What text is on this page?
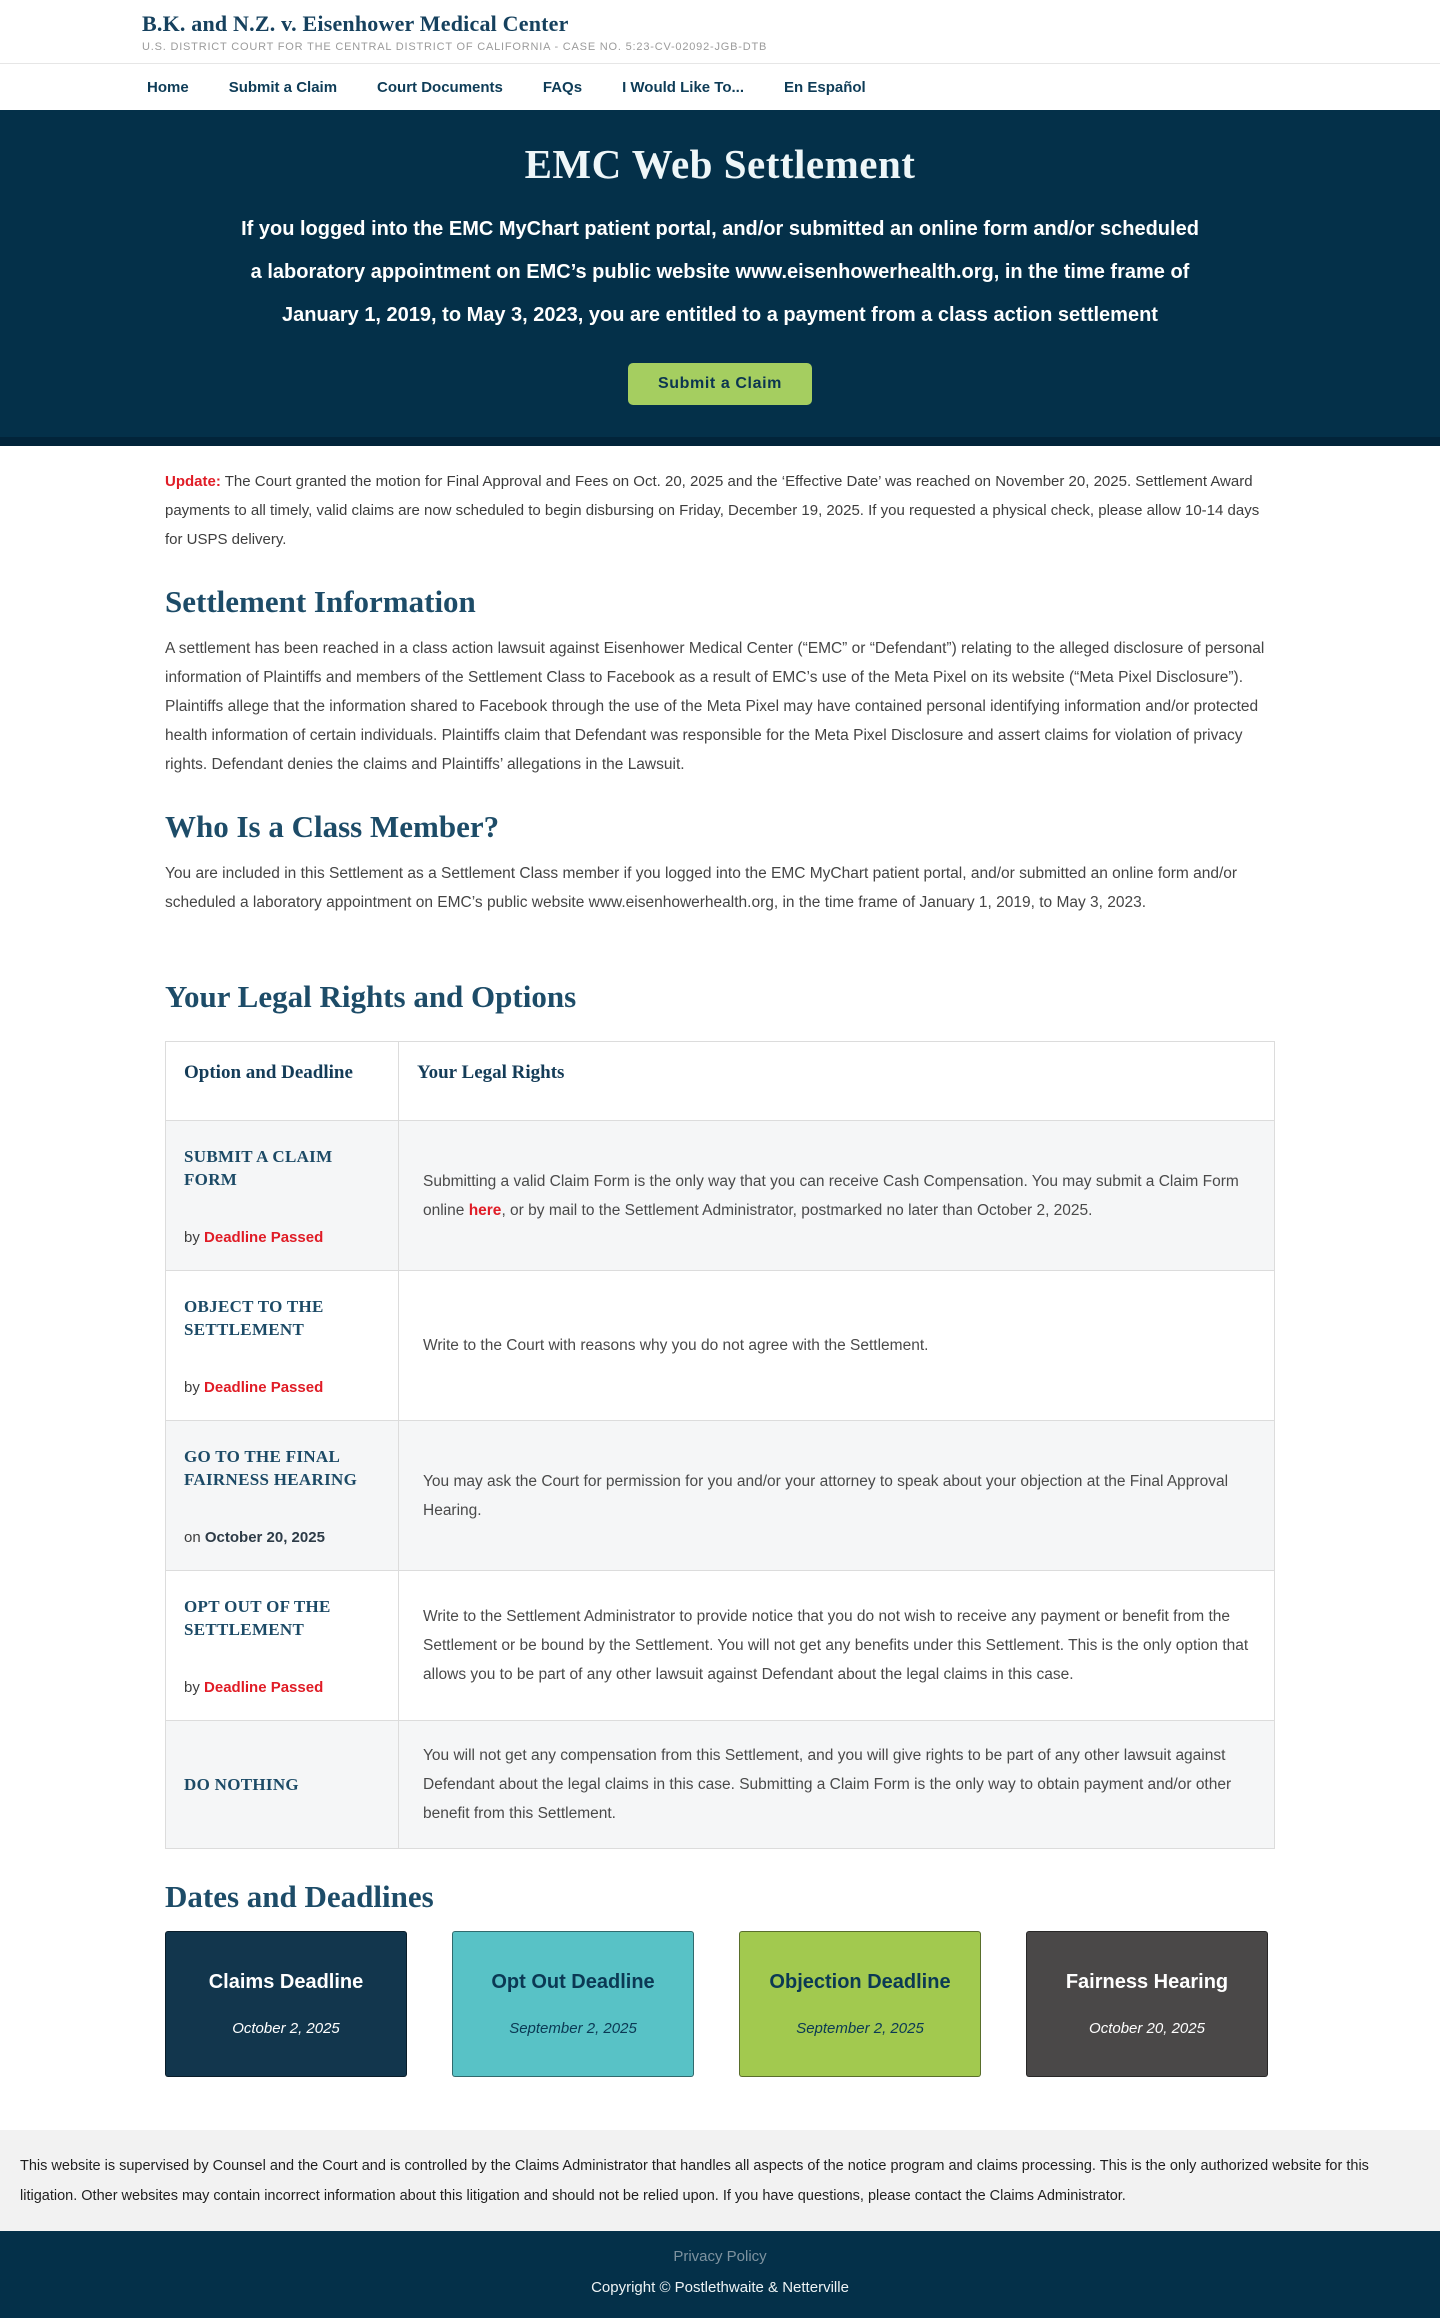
B.K. and N.Z. v. Eisenhower Medical Center
U.S. DISTRICT COURT FOR THE CENTRAL DISTRICT OF CALIFORNIA - CASE NO. 5:23-CV-02092-JGB-DTB
Home	Submit a Claim	Court Documents	FAQs	I Would Like To...	En Español
EMC Web Settlement

If you logged into the EMC MyChart patient portal, and/or submitted an online form and/or scheduled a laboratory appointment on EMC’s public website www.eisenhowerhealth.org, in the time frame of January 1, 2019, to May 3, 2023, you are entitled to a payment from a class action settlement

Submit a Claim

Update: The Court granted the motion for Final Approval and Fees on Oct. 20, 2025 and the ‘Effective Date’ was reached on November 20, 2025. Settlement Award payments to all timely, valid claims are now scheduled to begin disbursing on Friday, December 19, 2025. If you requested a physical check, please allow 10-14 days for USPS delivery.

Settlement Information

A settlement has been reached in a class action lawsuit against Eisenhower Medical Center (“EMC” or “Defendant”) relating to the alleged disclosure of personal information of Plaintiffs and members of the Settlement Class to Facebook as a result of EMC’s use of the Meta Pixel on its website (“Meta Pixel Disclosure”). Plaintiffs allege that the information shared to Facebook through the use of the Meta Pixel may have contained personal identifying information and/or protected health information of certain individuals. Plaintiffs claim that Defendant was responsible for the Meta Pixel Disclosure and assert claims for violation of privacy rights. Defendant denies the claims and Plaintiffs’ allegations in the Lawsuit.

Who Is a Class Member?

You are included in this Settlement as a Settlement Class member if you logged into the EMC MyChart patient portal, and/or submitted an online form and/or scheduled a laboratory appointment on EMC’s public website www.eisenhowerhealth.org, in the time frame of January 1, 2019, to May 3, 2023.

Your Legal Rights and Options
Option and Deadline	Your Legal Rights

SUBMIT A CLAIM FORM
by Deadline Passed	Submitting a valid Claim Form is the only way that you can receive Cash Compensation. You may submit a Claim Form online here, or by mail to the Settlement Administrator, postmarked no later than October 2, 2025.

OBJECT TO THE SETTLEMENT
by Deadline Passed	Write to the Court with reasons why you do not agree with the Settlement.

GO TO THE FINAL FAIRNESS HEARING
on October 20, 2025	You may ask the Court for permission for you and/or your attorney to speak about your objection at the Final Approval Hearing.

OPT OUT OF THE SETTLEMENT
by Deadline Passed	Write to the Settlement Administrator to provide notice that you do not wish to receive any payment or benefit from the Settlement or be bound by the Settlement. You will not get any benefits under this Settlement. This is the only option that allows you to be part of any other lawsuit against Defendant about the legal claims in this case.

DO NOTHING	You will not get any compensation from this Settlement, and you will give rights to be part of any other lawsuit against Defendant about the legal claims in this case. Submitting a Claim Form is the only way to obtain payment and/or other benefit from this Settlement.
Dates and Deadlines
Claims Deadline
October 2, 2025
Opt Out Deadline
September 2, 2025
Objection Deadline
September 2, 2025
Fairness Hearing
October 20, 2025

This website is supervised by Counsel and the Court and is controlled by the Claims Administrator that handles all aspects of the notice program and claims processing. This is the only authorized website for this litigation. Other websites may contain incorrect information about this litigation and should not be relied upon. If you have questions, please contact the Claims Administrator.

Privacy Policy
Copyright © Postlethwaite & Netterville
